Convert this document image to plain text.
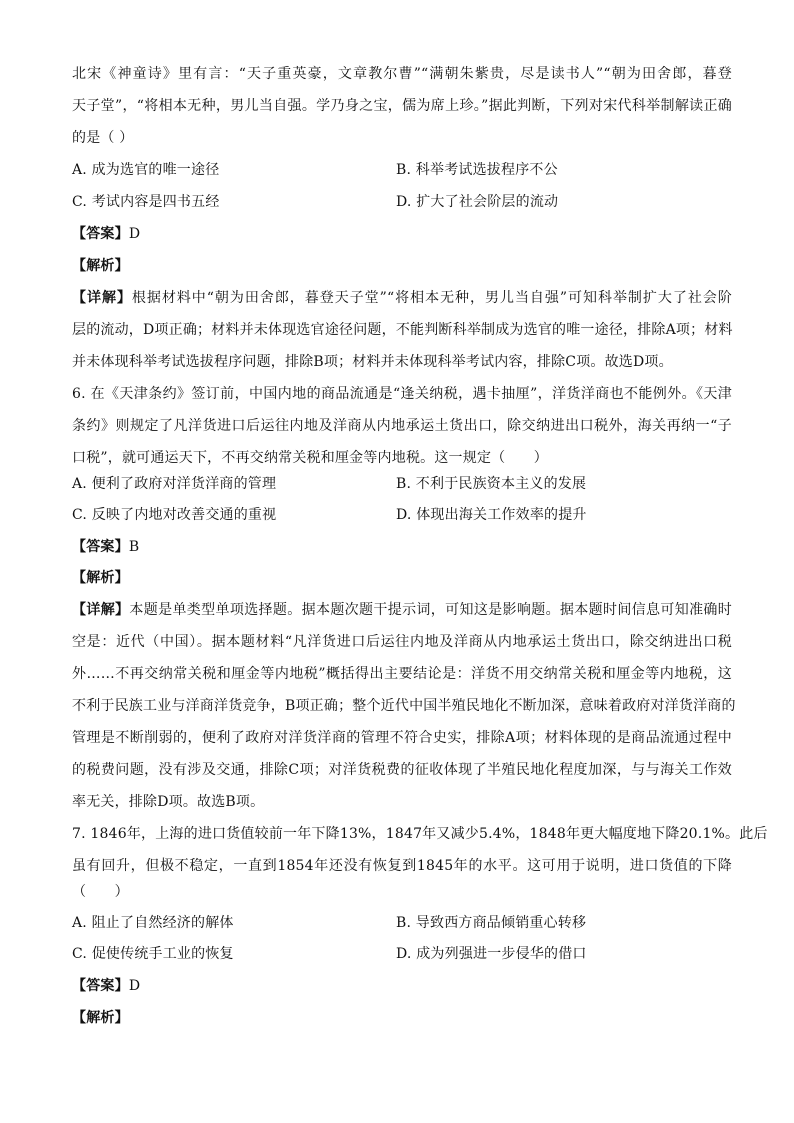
北宋《神童诗》里有言：“天子重英豪，文章教尔曹”“满朝朱紫贵，尽是读书人”“朝为田舍郎，暮登
天子堂”，“将相本无种，男儿当自强。学乃身之宝，儒为席上珍。”据此判断，下列对宋代科举制解读正确
的是（ ）
A. 成为选官的唯一途径	B. 科举考试选拔程序不公
C. 考试内容是四书五经	D. 扩大了社会阶层的流动
【答案】D
【解析】
【详解】根据材料中“朝为田舍郎，暮登天子堂”“将相本无种，男儿当自强”可知科举制扩大了社会阶
层的流动，D项正确；材料并未体现选官途径问题，不能判断科举制成为选官的唯一途径，排除A项；材料
并未体现科举考试选拔程序问题，排除B项；材料并未体现科举考试内容，排除C项。故选D项。
6. 在《天津条约》签订前，中国内地的商品流通是“逢关纳税，遇卡抽厘”，洋货洋商也不能例外。《天津
条约》则规定了凡洋货进口后运往内地及洋商从内地承运土货出口，除交纳进出口税外，海关再纳一“子
口税”，就可通运天下，不再交纳常关税和厘金等内地税。这一规定（　　）
A. 便利了政府对洋货洋商的管理	B. 不利于民族资本主义的发展
C. 反映了内地对改善交通的重视	D. 体现出海关工作效率的提升
【答案】B
【解析】
【详解】本题是单类型单项选择题。据本题次题干提示词，可知这是影响题。据本题时间信息可知准确时
空是：近代（中国）。据本题材料“凡洋货进口后运往内地及洋商从内地承运土货出口，除交纳进出口税
外……不再交纳常关税和厘金等内地税”概括得出主要结论是：洋货不用交纳常关税和厘金等内地税，这
不利于民族工业与洋商洋货竞争，B项正确；整个近代中国半殖民地化不断加深，意味着政府对洋货洋商的
管理是不断削弱的，便利了政府对洋货洋商的管理不符合史实，排除A项；材料体现的是商品流通过程中
的税费问题，没有涉及交通，排除C项；对洋货税费的征收体现了半殖民地化程度加深，与与海关工作效
率无关，排除D项。故选B项。
7. 1846年，上海的进口货值较前一年下降13%，1847年又减少5.4%，1848年更大幅度地下降20.1%。此后
虽有回升，但极不稳定，一直到1854年还没有恢复到1845年的水平。这可用于说明，进口货值的下降
（　　）
A. 阻止了自然经济的解体	B. 导致西方商品倾销重心转移
C. 促使传统手工业的恢复	D. 成为列强进一步侵华的借口
【答案】D
【解析】
